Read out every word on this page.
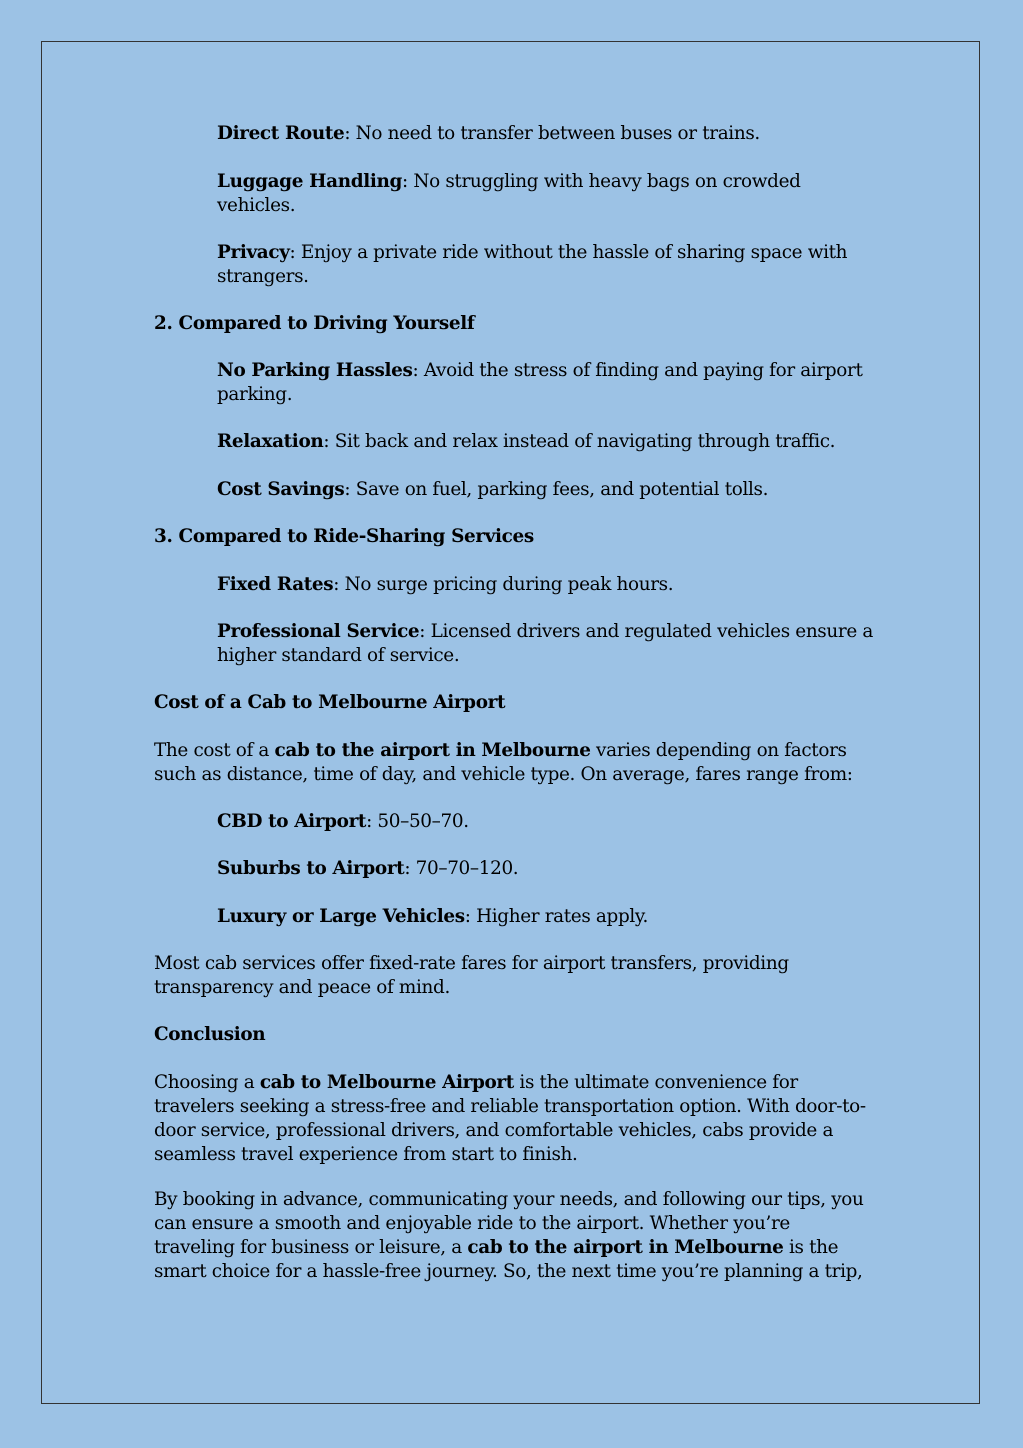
Direct Route: No need to transfer between buses or trains.

Luggage Handling: No struggling with heavy bags on crowded vehicles.

Privacy: Enjoy a private ride without the hassle of sharing space with strangers.

2. Compared to Driving Yourself

No Parking Hassles: Avoid the stress of finding and paying for airport parking.

Relaxation: Sit back and relax instead of navigating through traffic.

Cost Savings: Save on fuel, parking fees, and potential tolls.

3. Compared to Ride-Sharing Services

Fixed Rates: No surge pricing during peak hours.

Professional Service: Licensed drivers and regulated vehicles ensure a higher standard of service.

Cost of a Cab to Melbourne Airport

The cost of a cab to the airport in Melbourne varies depending on factors such as distance, time of day, and vehicle type. On average, fares range from:

CBD to Airport: 50–50–70.

Suburbs to Airport: 70–70–120.

Luxury or Large Vehicles: Higher rates apply.

Most cab services offer fixed-rate fares for airport transfers, providing transparency and peace of mind.

Conclusion

Choosing a cab to Melbourne Airport is the ultimate convenience for travelers seeking a stress-free and reliable transportation option. With door-to-door service, professional drivers, and comfortable vehicles, cabs provide a seamless travel experience from start to finish.

By booking in advance, communicating your needs, and following our tips, you can ensure a smooth and enjoyable ride to the airport. Whether you’re traveling for business or leisure, a cab to the airport in Melbourne is the smart choice for a hassle-free journey. So, the next time you’re planning a trip,
